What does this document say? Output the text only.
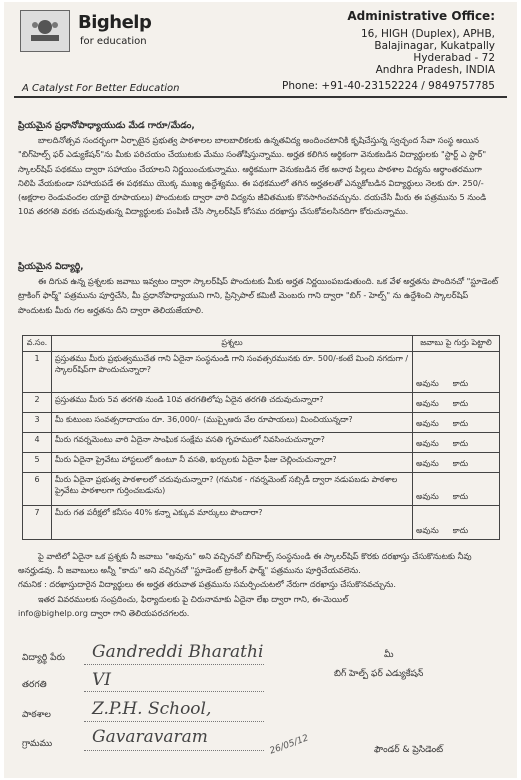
Bighelp
for education
A Catalyst For Better Education
Administrative Office:
16, HIGH (Duplex), APHB,
Balajinagar, Kukatpally
Hyderabad - 72
Andhra Pradesh, INDIA
Phone: +91-40-23152224 / 9849757785
ప్రియమైన ప్రధానోపాధ్యాయుడు మేడ గారూ/మేడం,
బాలదినోత్సవ సందర్భంగా ఏర్పాటైన ప్రభుత్వ పాఠశాలల బాలబాలికలకు ఉన్నతవిద్య అందించటానికి కృషిచేస్తున్న స్వచ్ఛంద సేవా సంస్థ అయిన "బిగ్‌హెల్ప్ ఫర్ ఎడ్యుకేషన్"ను మీకు పరిచయం చేయుటకు మేము సంతోషిస్తున్నాము. అర్హత కలిగిన ఆర్థికంగా వెనుకబడిన విద్యార్థులకు "స్టార్ట్ ఎ స్టార్" స్కాలర్‌షిప్ పథకము ద్వారా సహాయం చేయాలని నిర్ణయించుకున్నాము. ఆర్థికముగా వెనుకబడిన లేక అనాథ పిల్లలు పాఠశాల విద్యను ఆర్థాంతరముగా నిలిపి వేయకుండా సహాయపడే ఈ పథకము యొక్క ముఖ్య ఉద్దేశ్యము. ఈ పథకములో తగిన అర్హతలతో ఎన్నుకోబడిన విద్యార్థులు నెలకు రూ. 250/- (అక్షరాల రెండువందల యాభై రూపాయలు) పొందుటకు ద్వారా వారి విద్యను జీవితముకు కొనసాగించవచ్చును. దయచేసి మీరు ఈ పత్రమును 5 నుండి 10వ తరగతి వరకు చదువుతున్న విద్యార్థులకు పంపిణీ చేసి స్కాలర్‌షిప్ కోసము దరఖాస్తు చేసుకోవలసినదిగా కోరుచున్నాము.
ప్రియమైన విద్యార్థి,
ఈ దిగువ ఉన్న ప్రశ్నలకు జవాబు ఇవ్వటం ద్వారా స్కాలర్‌షిప్ పొందుటకు మీకు అర్హత నిర్ణయింపబడుతుంది. ఒక వేళ అర్హతను పొందినచో "స్టూడెంట్ ట్రాకింగ్ ఫార్మ్" పత్రమును పూర్తిచేసి, మీ ప్రధానోపాధ్యాయుని గాని, ప్రిన్సిపాల్ కమిటీ మెంబరు గాని ద్వారా "బిగ్ - హెల్ప్" ను ఉద్దేశించి స్కాలర్‌షిప్ పొందుటకు మీరు గల అర్హతను దీని ద్వారా తెలియజేయాలి.
వ.సం.	ప్రశ్నలు	జవాబు పై గుర్తు పెట్టాలి
1	ప్రస్తుతము మీరు ప్రభుత్వముచేత గాని ఏదైనా సంస్థనుండి గాని సంవత్సరమునకు రూ. 500/-కంటే మించి నగదుగా / స్కాలర్‌షిప్‌గా పొందుచున్నారా?	అవును కాదు
2	ప్రస్తుతము మీరు 5వ తరగతి నుండి 10వ తరగతిలోపు ఏదైన తరగతి చదువుచున్నారా?	అవును కాదు
3	మీ కుటుంబ సంవత్సరాదాయం రూ. 36,000/- (ముప్పైఆరు వేల రూపాయలు) మించియున్నదా?	అవును కాదు
4	మీరు గవర్నమెంటు వారి ఏదైనా సాంఘిక సంక్షేమ వసతి గృహములో నివసించుచున్నారా?	అవును కాదు
5	మీరు ఏదైనా ప్రైవేటు హాస్టలులో ఉంటూ నీ వసతి, ఖర్చులకు ఏదైనా ఫీజు చెల్లించుచున్నారా?	అవును కాదు
6	మీరు ఏదైనా ప్రభుత్వ పాఠశాలలో చదువుచున్నారా? (గమనిక - గవర్నమెంట్ సబ్సిడీ ద్వారా నడుపబడు పాఠశాల ప్రైవేటు పాఠశాలగా గుర్తించబడును)	అవును కాదు
7	మీరు గత పరీక్షలో కనీసం 40% కన్నా ఎక్కువ మార్కులు పొందారా?	అవును కాదు
పై వాటిలో ఏదైనా ఒక ప్రశ్నకు నీ జవాబు "అవును" అని వచ్చినచో బిగ్‌హెల్ప్ సంస్థనుండి ఈ స్కాలర్‌షిప్ కొరకు దరఖాస్తు చేసుకొనుటకు నీవు అనర్హుడవు. నీ జవాబులు అన్నీ "కాదు" అని వచ్చినచో "స్టూడెంట్ ట్రాకింగ్ ఫార్మ్" పత్రమును పూర్తిచేయవలెను.
గమనిక : దరఖాస్తుదారైన విద్యార్థులు ఈ అర్హత తరువాత పత్రమును సమర్పించుటలో నేరుగా దరఖాస్తు చేసుకొనవచ్చును.
ఇతర వివరములకు సంప్రదించు, ఫిర్యాదులకు పై చిరునామాకు ఏదైనా లేఖ ద్వారా గాని, ఈ-మెయిల్
info@bighelp.org ద్వారా గాని తెలియపరచగలరు.
విద్యార్థి పేరు Gandreddi Bharathi
తరగతి	VI
పాఠశాల Z.P.H. School,
గ్రామము Gavaravaram
మీ
బిగ్ హెల్ప్ ఫర్ ఎడ్యుకేషన్
ఫౌండర్ & ప్రెసిడెంట్
26/05/12
